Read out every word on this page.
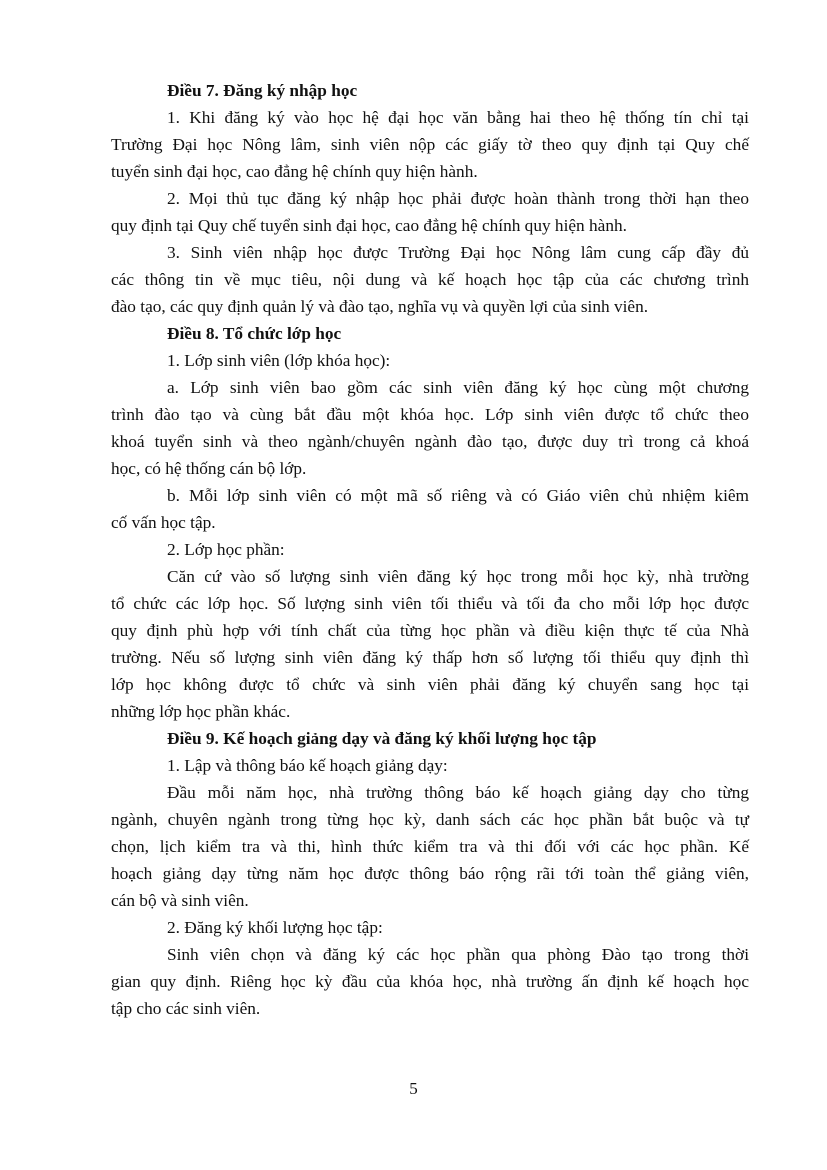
Điều 7. Đăng ký nhập học
1. Khi đăng ký vào học hệ đại học văn bằng hai theo hệ thống tín chỉ tại
Trường Đại học Nông lâm, sinh viên nộp các giấy tờ theo quy định tại Quy chế
tuyển sinh đại học, cao đẳng hệ chính quy hiện hành.
2. Mọi thủ tục đăng ký nhập học phải được hoàn thành trong thời hạn theo
quy định tại Quy chế tuyển sinh đại học, cao đẳng hệ chính quy hiện hành.
3. Sinh viên nhập học được Trường Đại học Nông lâm cung cấp đầy đủ
các thông tin về mục tiêu, nội dung và kế hoạch học tập của các chương trình
đào tạo, các quy định quản lý và đào tạo, nghĩa vụ và quyền lợi của sinh viên.
Điều 8. Tổ chức lớp học
1. Lớp sinh viên (lớp khóa học):
a. Lớp sinh viên bao gồm các sinh viên đăng ký học cùng một chương
trình đào tạo và cùng bắt đầu một khóa học. Lớp sinh viên được tổ chức theo
khoá tuyển sinh và theo ngành/chuyên ngành đào tạo, được duy trì trong cả khoá
học, có hệ thống cán bộ lớp.
b. Mỗi lớp sinh viên có một mã số riêng và có Giáo viên chủ nhiệm kiêm
cố vấn học tập.
2. Lớp học phần:
Căn cứ vào số lượng sinh viên đăng ký học trong mỗi học kỳ, nhà trường
tổ chức các lớp học. Số lượng sinh viên tối thiểu và tối đa cho mỗi lớp học được
quy định phù hợp với tính chất của từng học phần và điều kiện thực tế của Nhà
trường. Nếu số lượng sinh viên đăng ký thấp hơn số lượng tối thiểu quy định thì
lớp học không được tổ chức và sinh viên phải đăng ký chuyển sang học tại
những lớp học phần khác.
Điều 9. Kế hoạch giảng dạy và đăng ký khối lượng học tập
1. Lập và thông báo kế hoạch giảng dạy:
Đầu mỗi năm học, nhà trường thông báo kế hoạch giảng dạy cho từng
ngành, chuyên ngành trong từng học kỳ, danh sách các học phần bắt buộc và tự
chọn, lịch kiểm tra và thi, hình thức kiểm tra và thi đối với các học phần. Kế
hoạch giảng dạy từng năm học được thông báo rộng rãi tới toàn thể giảng viên,
cán bộ và sinh viên.
2. Đăng ký khối lượng học tập:
Sinh viên chọn và đăng ký các học phần qua phòng Đào tạo trong thời
gian quy định. Riêng học kỳ đầu của khóa học, nhà trường ấn định kế hoạch học
tập cho các sinh viên.
5
